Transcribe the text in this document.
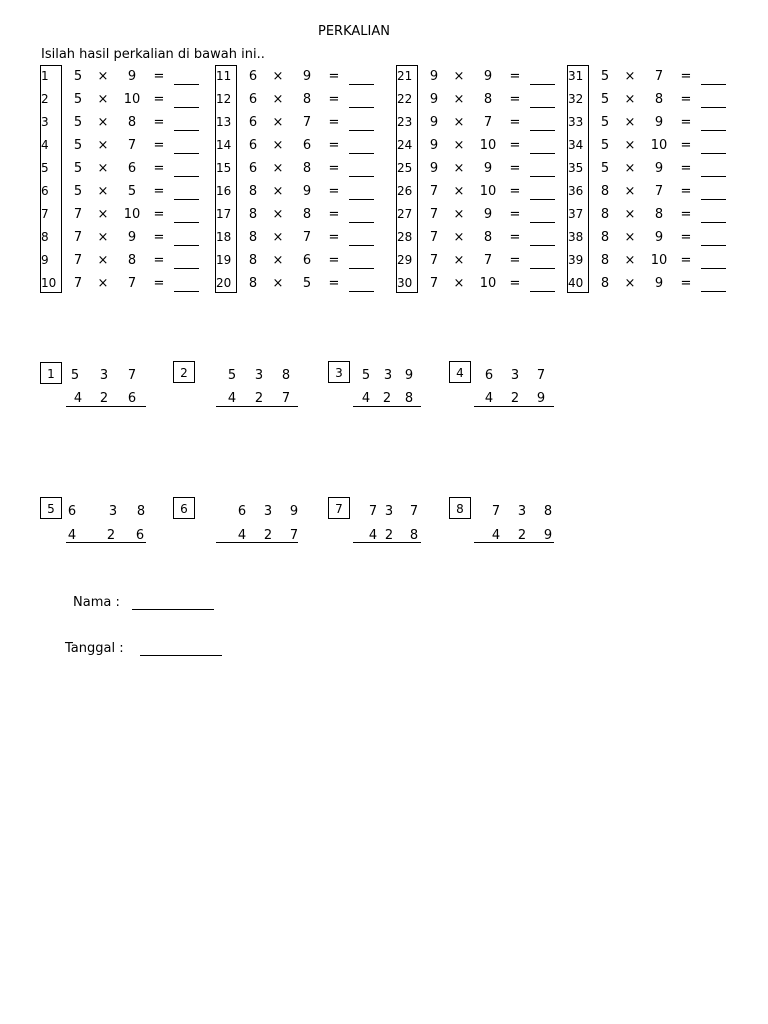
PERKALIAN
Isilah hasil perkalian di bawah ini..
1 5 ×	9	=
2 5 × 10 =
3 5 ×	8	=
4 5 ×	7	=
5 5 ×	6	=
6 5 ×	5	=
7 7 × 10 =
8 7 ×	9	=
9 7 ×	8	=
10 7 ×	7	=
11 6 ×	9	=
12 6 ×	8	=
13 6 ×	7	=
14 6 ×	6	=
15 6 ×	8	=
16 8 ×	9	=
17 8 ×	8	=
18 8 ×	7	=
19 8 ×	6	=
20 8 ×	5	=
21 9 ×	9	=
22 9 ×	8	=
23 9 ×	7	=
24 9 × 10 =
25 9 ×	9	=
26 7 × 10 =
27 7 ×	9	=
28 7 ×	8	=
29 7 ×	7	=
30 7 × 10 =
31 5 ×	7	=
32 5 ×	8	=
33 5 ×	9	=
34 5 × 10 =
35 5 ×	9	=
36 8 ×	7	=
37 8 ×	8	=
38 8 ×	9	=
39 8 × 10 =
40 8 ×	9	=
1	5 3 7
4 2 6
2	5 3 8
4 2 7
3	5 3 9
4 2 8
4	6 3 7
4 2 9
5	6	3 8
4 2 6
6	6 3 9
4 2 7
7	7 3 7
4 2 8
8	7 3 8
4 2 9
Nama :
Tanggal :
